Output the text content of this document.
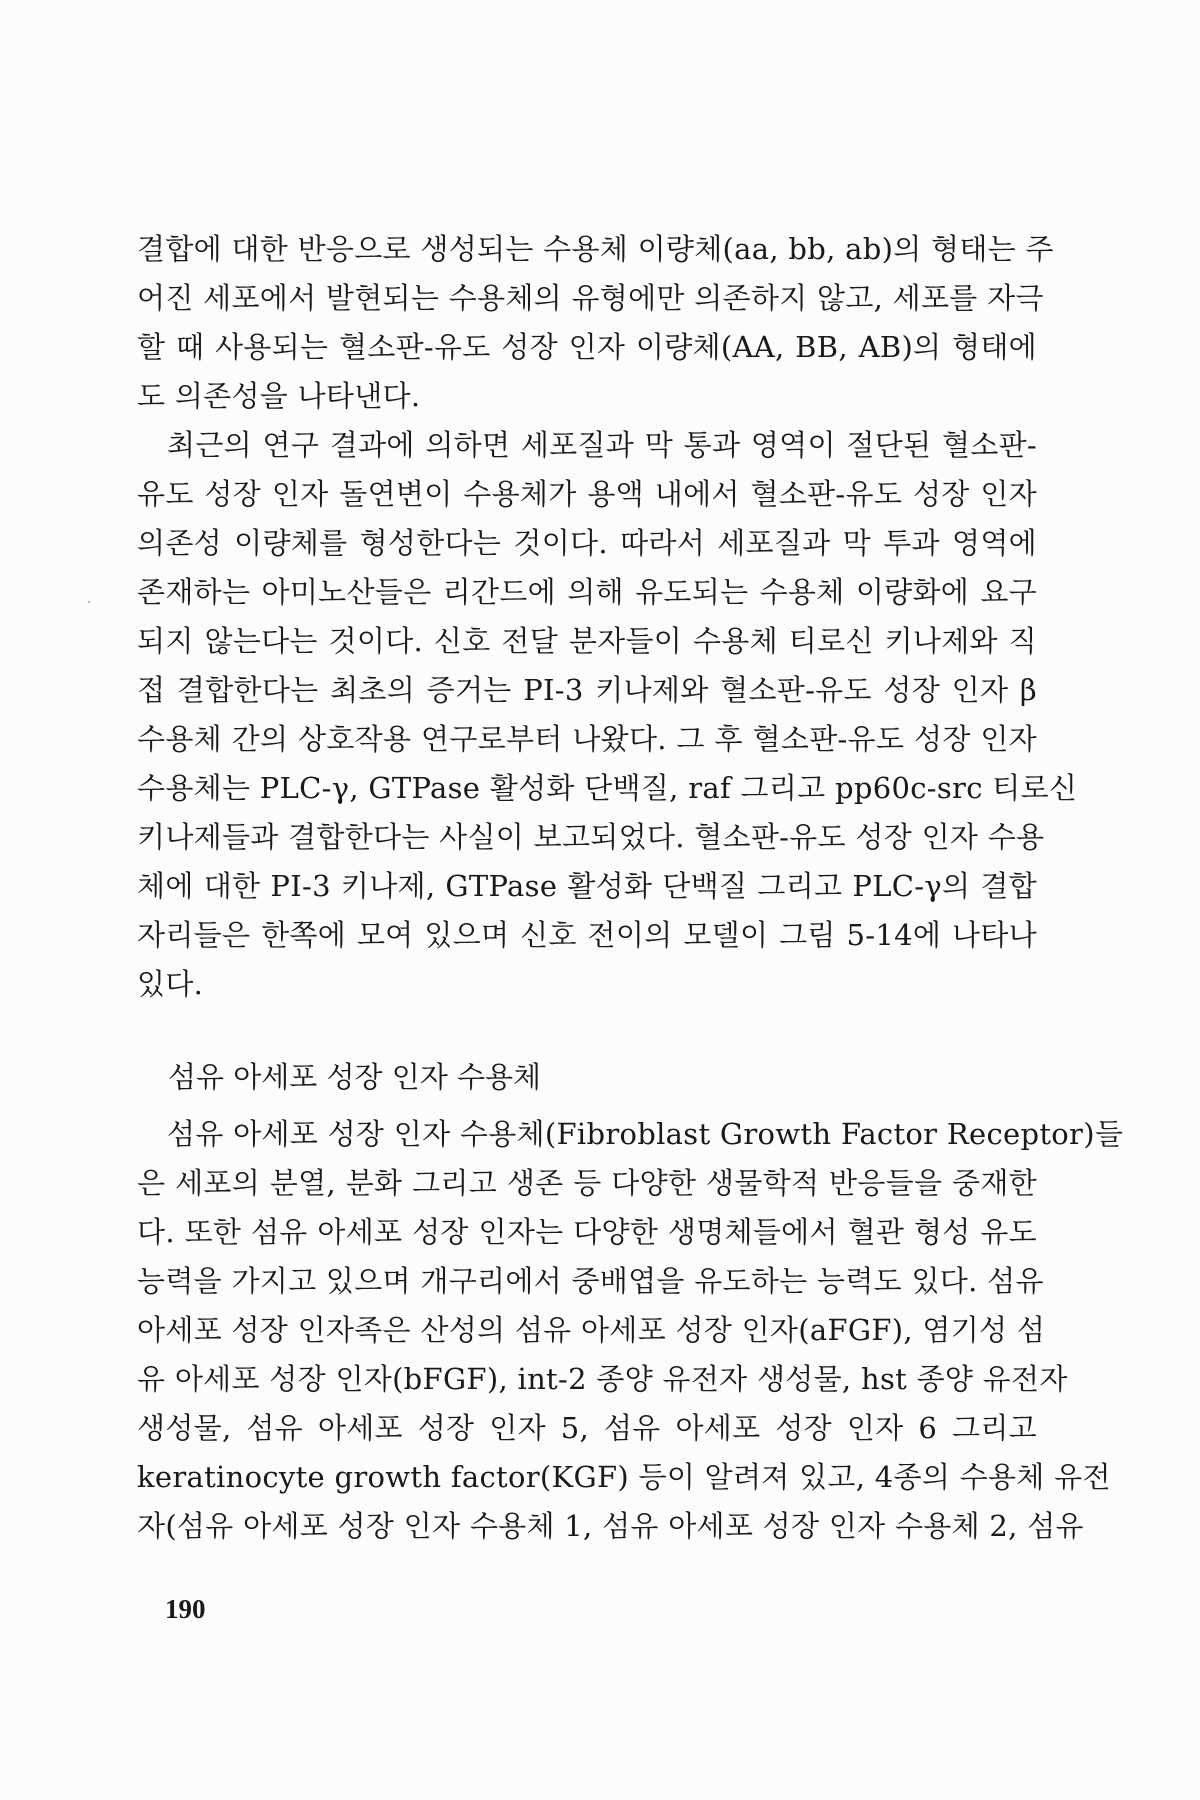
결합에 대한 반응으로 생성되는 수용체 이량체(aa, bb, ab)의 형태는 주
어진 세포에서 발현되는 수용체의 유형에만 의존하지 않고, 세포를 자극
할 때 사용되는 혈소판-유도 성장 인자 이량체(AA, BB, AB)의 형태에
도 의존성을 나타낸다.
최근의 연구 결과에 의하면 세포질과 막 통과 영역이 절단된 혈소판-
유도 성장 인자 돌연변이 수용체가 용액 내에서 혈소판-유도 성장 인자
의존성 이량체를 형성한다는 것이다. 따라서 세포질과 막 투과 영역에
존재하는 아미노산들은 리간드에 의해 유도되는 수용체 이량화에 요구
되지 않는다는 것이다. 신호 전달 분자들이 수용체 티로신 키나제와 직
접 결합한다는 최초의 증거는 PI-3 키나제와 혈소판-유도 성장 인자 β
수용체 간의 상호작용 연구로부터 나왔다. 그 후 혈소판-유도 성장 인자
수용체는 PLC-γ, GTPase 활성화 단백질, raf 그리고 pp60c-src 티로신
키나제들과 결합한다는 사실이 보고되었다. 혈소판-유도 성장 인자 수용
체에 대한 PI-3 키나제, GTPase 활성화 단백질 그리고 PLC-γ의 결합
자리들은 한쪽에 모여 있으며 신호 전이의 모델이 그림 5-14에 나타나
있다.
섬유 아세포 성장 인자 수용체
섬유 아세포 성장 인자 수용체(Fibroblast Growth Factor Receptor)들
은 세포의 분열, 분화 그리고 생존 등 다양한 생물학적 반응들을 중재한
다. 또한 섬유 아세포 성장 인자는 다양한 생명체들에서 혈관 형성 유도
능력을 가지고 있으며 개구리에서 중배엽을 유도하는 능력도 있다. 섬유
아세포 성장 인자족은 산성의 섬유 아세포 성장 인자(aFGF), 염기성 섬
유 아세포 성장 인자(bFGF), int-2 종양 유전자 생성물, hst 종양 유전자
생성물, 섬유 아세포 성장 인자 5, 섬유 아세포 성장 인자 6 그리고
keratinocyte growth factor(KGF) 등이 알려져 있고, 4종의 수용체 유전
자(섬유 아세포 성장 인자 수용체 1, 섬유 아세포 성장 인자 수용체 2, 섬유
190
